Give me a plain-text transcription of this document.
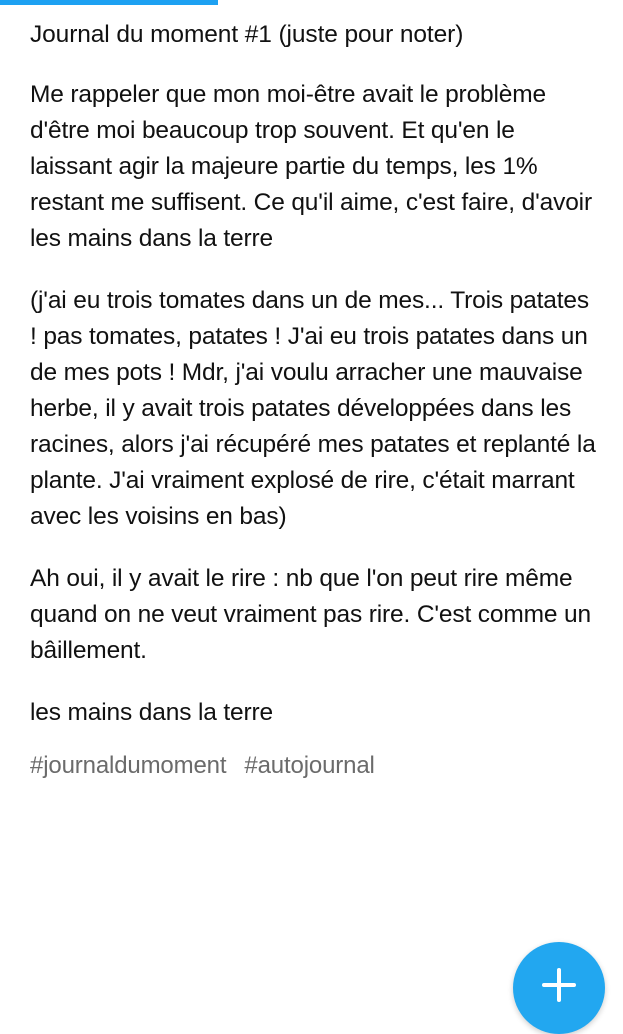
Journal du moment #1 (juste pour noter)

Me rappeler que mon moi-être avait le problème d'être moi beaucoup trop souvent. Et qu'en le laissant agir la majeure partie du temps, les 1% restant me suffisent. Ce qu'il aime, c'est faire, d'avoir les mains dans la terre

(j'ai eu trois tomates dans un de mes... Trois patates ! pas tomates, patates ! J'ai eu trois patates dans un de mes pots ! Mdr, j'ai voulu arracher une mauvaise herbe, il y avait trois patates développées dans les racines, alors j'ai récupéré mes patates et replanté la plante. J'ai vraiment explosé de rire, c'était marrant avec les voisins en bas)

Ah oui, il y avait le rire : nb que l'on peut rire même quand on ne veut vraiment pas rire. C'est comme un bâillement.

les mains dans la terre

#journaldumoment #autojournal
